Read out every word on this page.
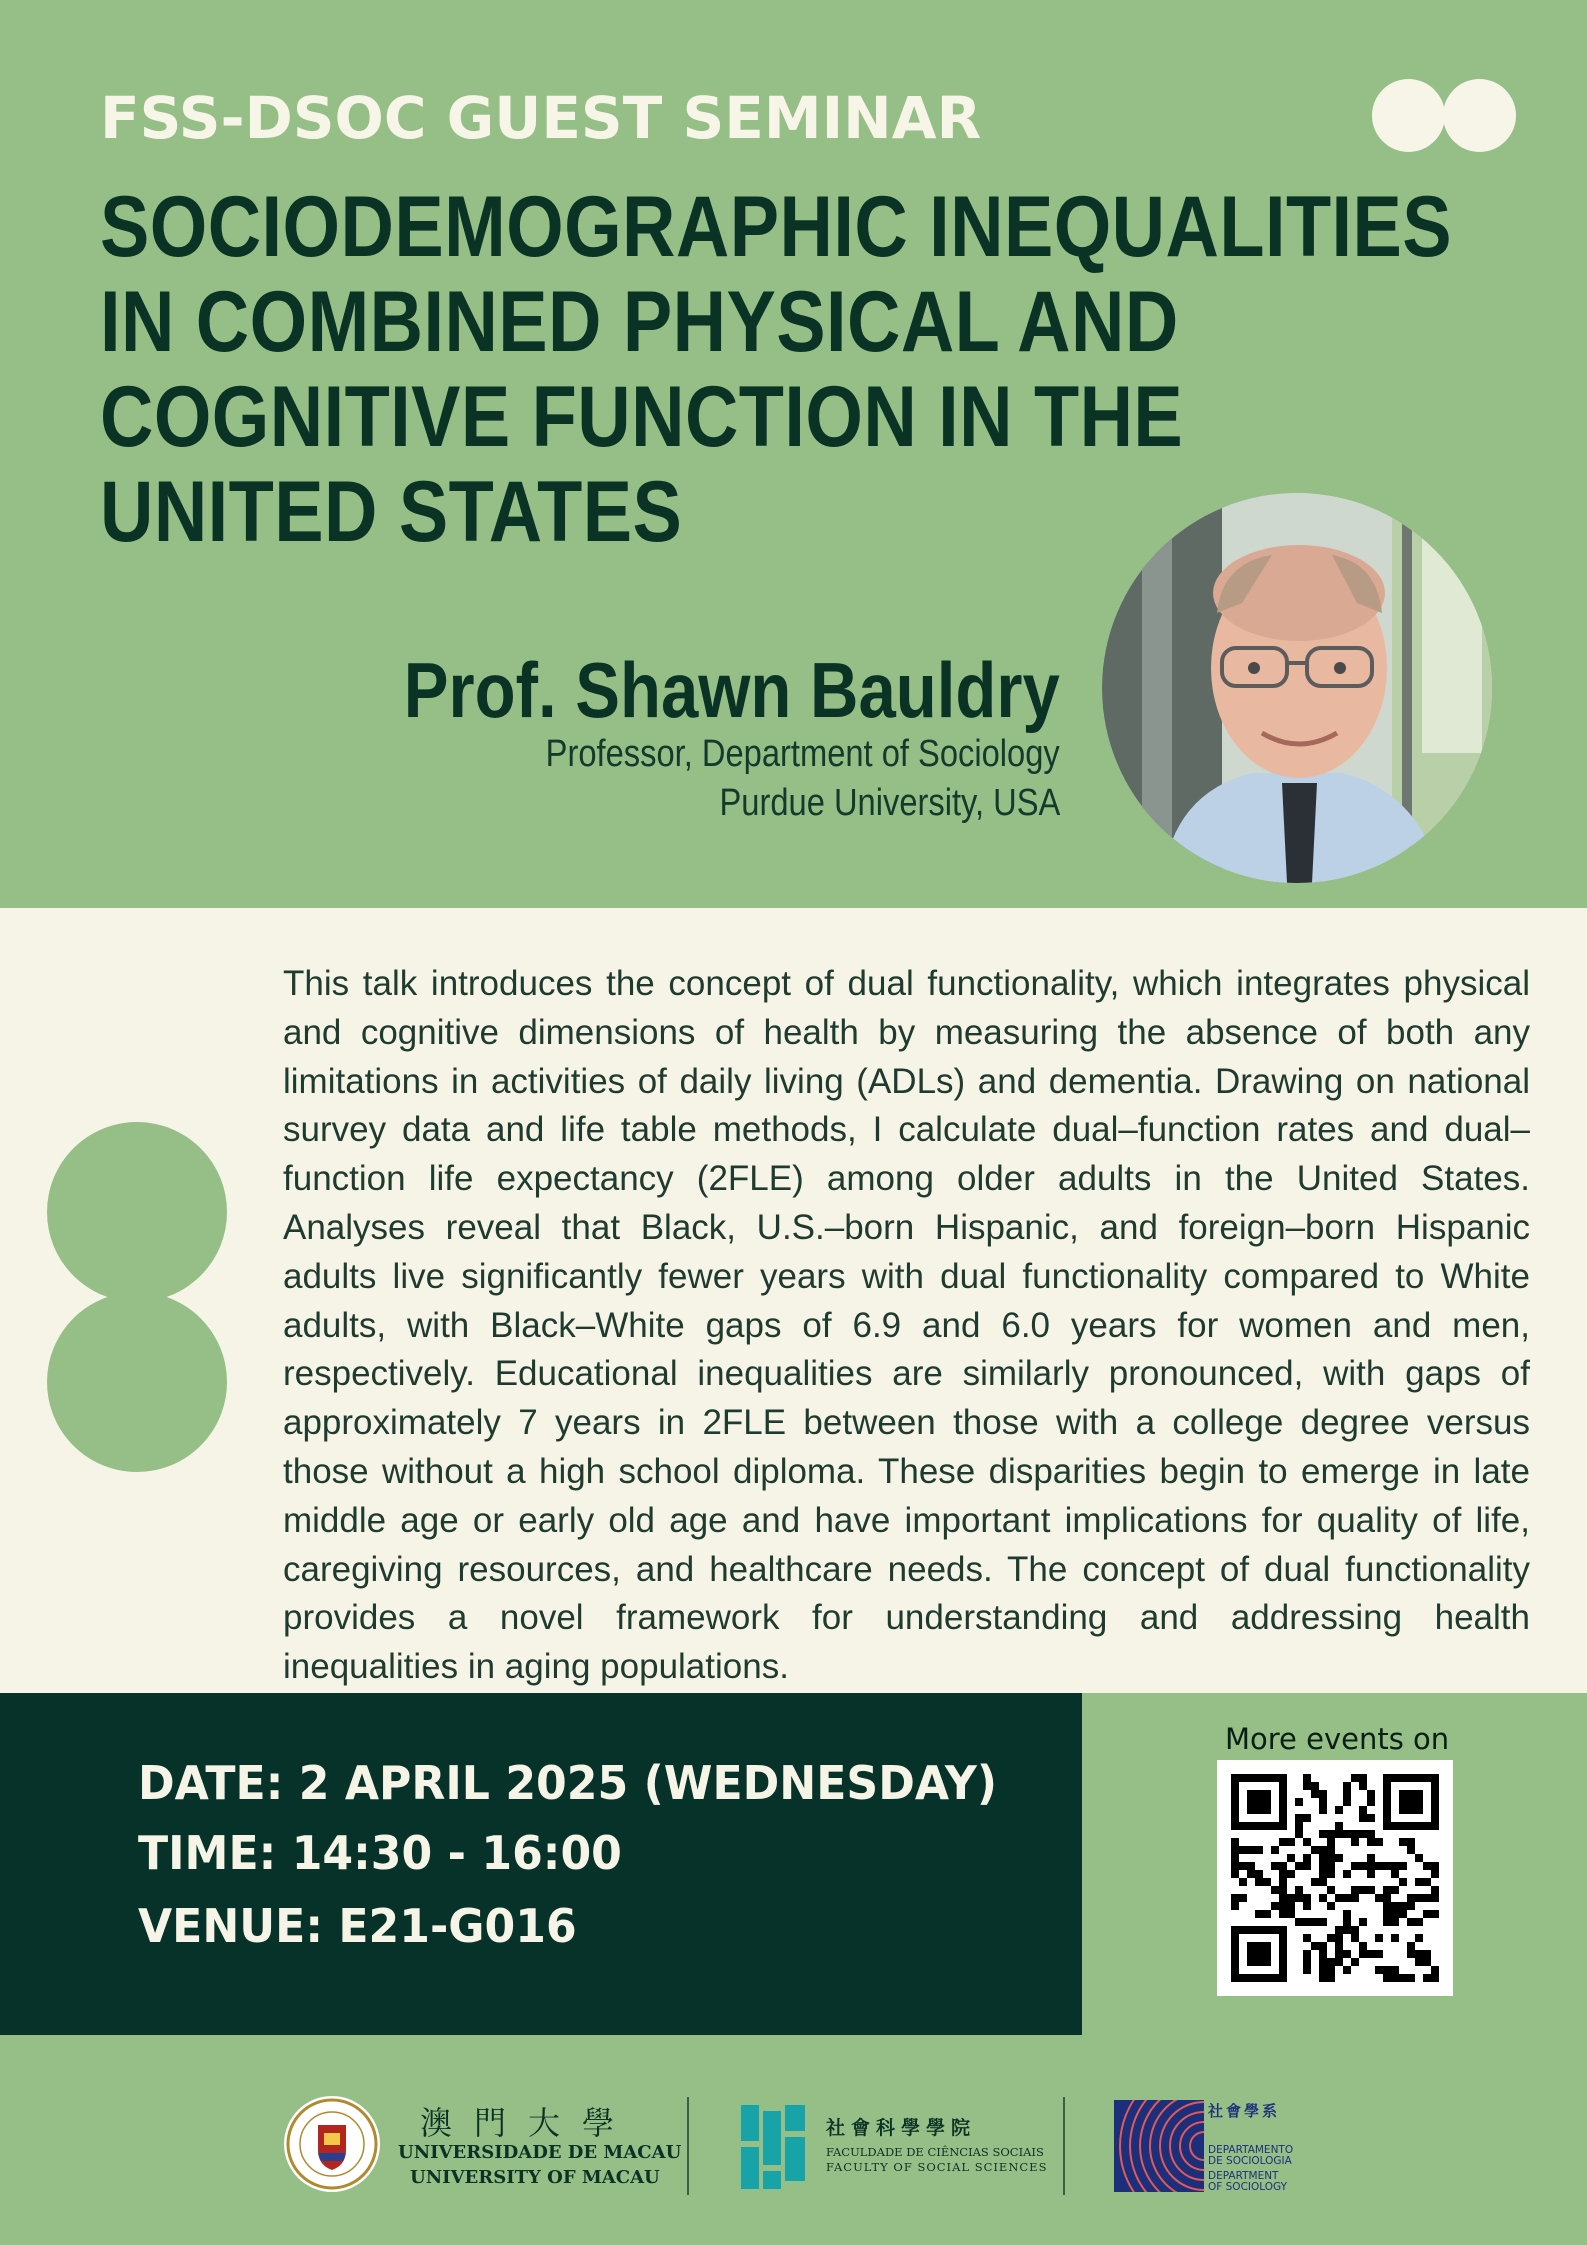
FSS-DSOC GUEST SEMINAR
SOCIODEMOGRAPHIC INEQUALITIES
IN COMBINED PHYSICAL AND
COGNITIVE FUNCTION IN THE
UNITED STATES
Prof. Shawn Bauldry
Professor, Department of Sociology
Purdue University, USA

This talk introduces the concept of dual functionality, which integrates physical and cognitive dimensions of health by measuring the absence of both any limitations in activities of daily living (ADLs) and dementia. Drawing on national survey data and life table methods, I calculate dual–function rates and dual–function life expectancy (2FLE) among older adults in the United States. Analyses reveal that Black, U.S.–born Hispanic, and foreign–born Hispanic adults live significantly fewer years with dual functionality compared to White adults, with Black–White gaps of 6.9 and 6.0 years for women and men, respectively. Educational inequalities are similarly pronounced, with gaps of approximately 7 years in 2FLE between those with a college degree versus those without a high school diploma. These disparities begin to emerge in late middle age or early old age and have important implications for quality of life, caregiving resources, and healthcare needs. The concept of dual functionality provides a novel framework for understanding and addressing health inequalities in aging populations.

DATE: 2 APRIL 2025 (WEDNESDAY)
TIME: 14:30 - 16:00
VENUE: E21-G016
More events on
澳門大學
UNIVERSIDADE DE MACAU
UNIVERSITY OF MACAU
社會科學學院
FACULDADE DE CIÊNCIAS SOCIAIS
FACULTY OF SOCIAL SCIENCES
社會學系
DEPARTAMENTO
DE SOCIOLOGIA
DEPARTMENT
OF SOCIOLOGY
